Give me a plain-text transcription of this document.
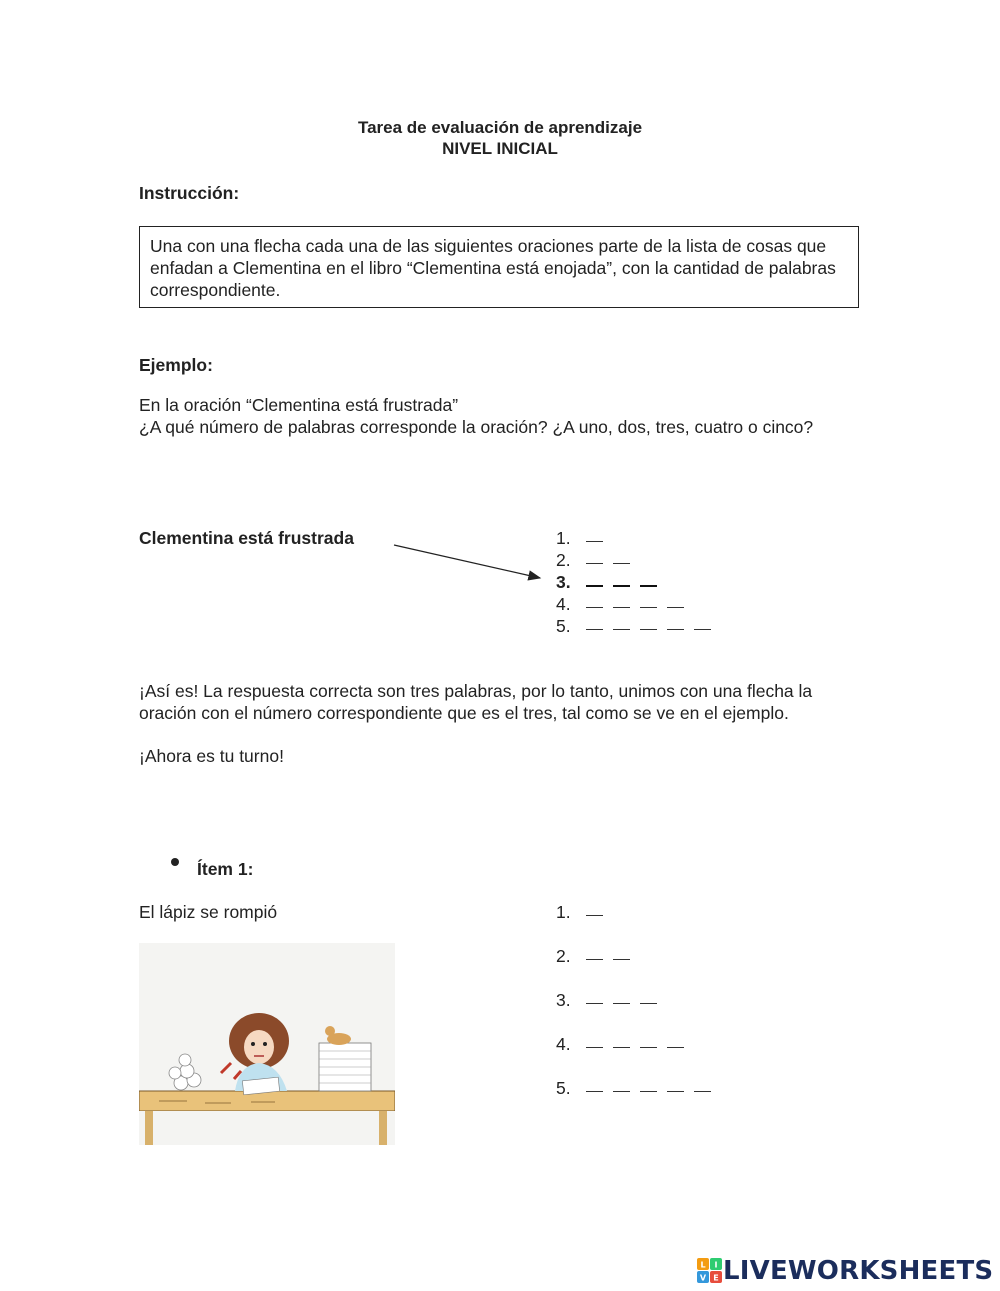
Tarea de evaluación de aprendizaje
NIVEL INICIAL
Instrucción:
Una con una flecha cada una de las siguientes oraciones parte de la lista de cosas que enfadan a Clementina en el libro “Clementina está enojada”, con la cantidad de palabras correspondiente.
Ejemplo:
En la oración “Clementina está frustrada”
¿A qué número de palabras corresponde la oración? ¿A uno, dos, tres, cuatro o cinco?
Clementina está frustrada	1.
2.
3.
4.
5.
¡Así es! La respuesta correcta son tres palabras, por lo tanto, unimos con una flecha la oración con el número correspondiente que es el tres, tal como se ve en el ejemplo.
¡Ahora es tu turno!
Ítem 1:
El lápiz se rompió	1.
2.
3.
4.
5.
L I
V E LIVEWORKSHEETS
